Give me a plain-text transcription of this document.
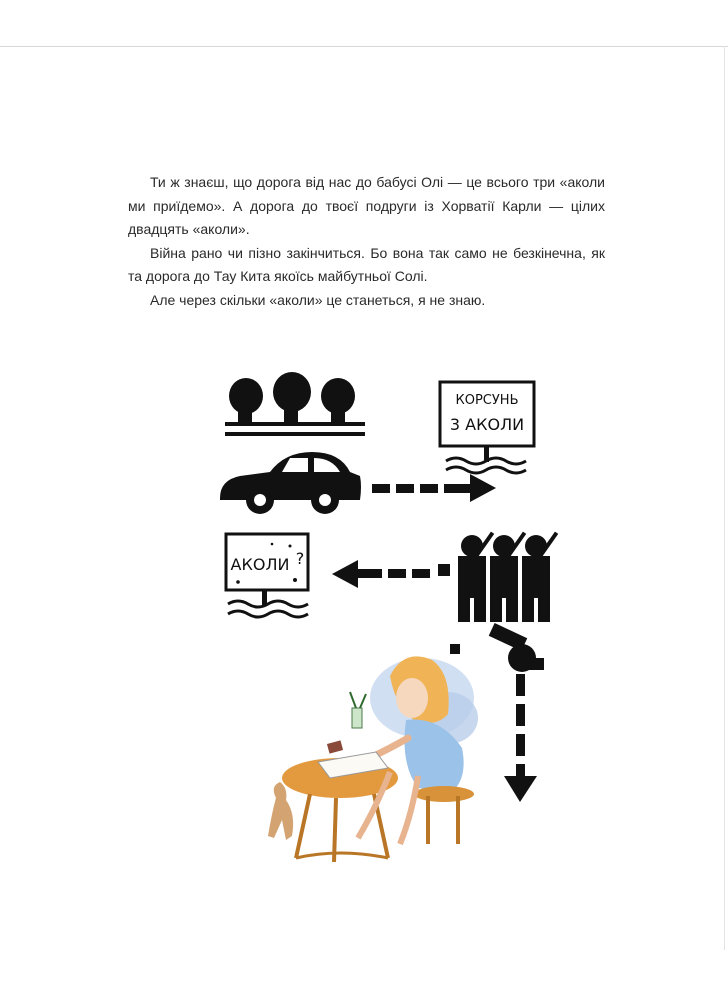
Ти ж знаєш, що дорога від нас до бабусі Олі — це всього три «аколи ми приїдемо». А дорога до твоєї подруги із Хорватії Карли — цілих двадцять «аколи».

Війна рано чи пізно закінчиться. Бо вона так само не безкінечна, як та дорога до Тау Кита якоїсь майбутньої Солі.

Але через скільки «аколи» це станеться, я не знаю.

КОРСУНЬ
3 АКОЛИ
АКОЛИ ?
